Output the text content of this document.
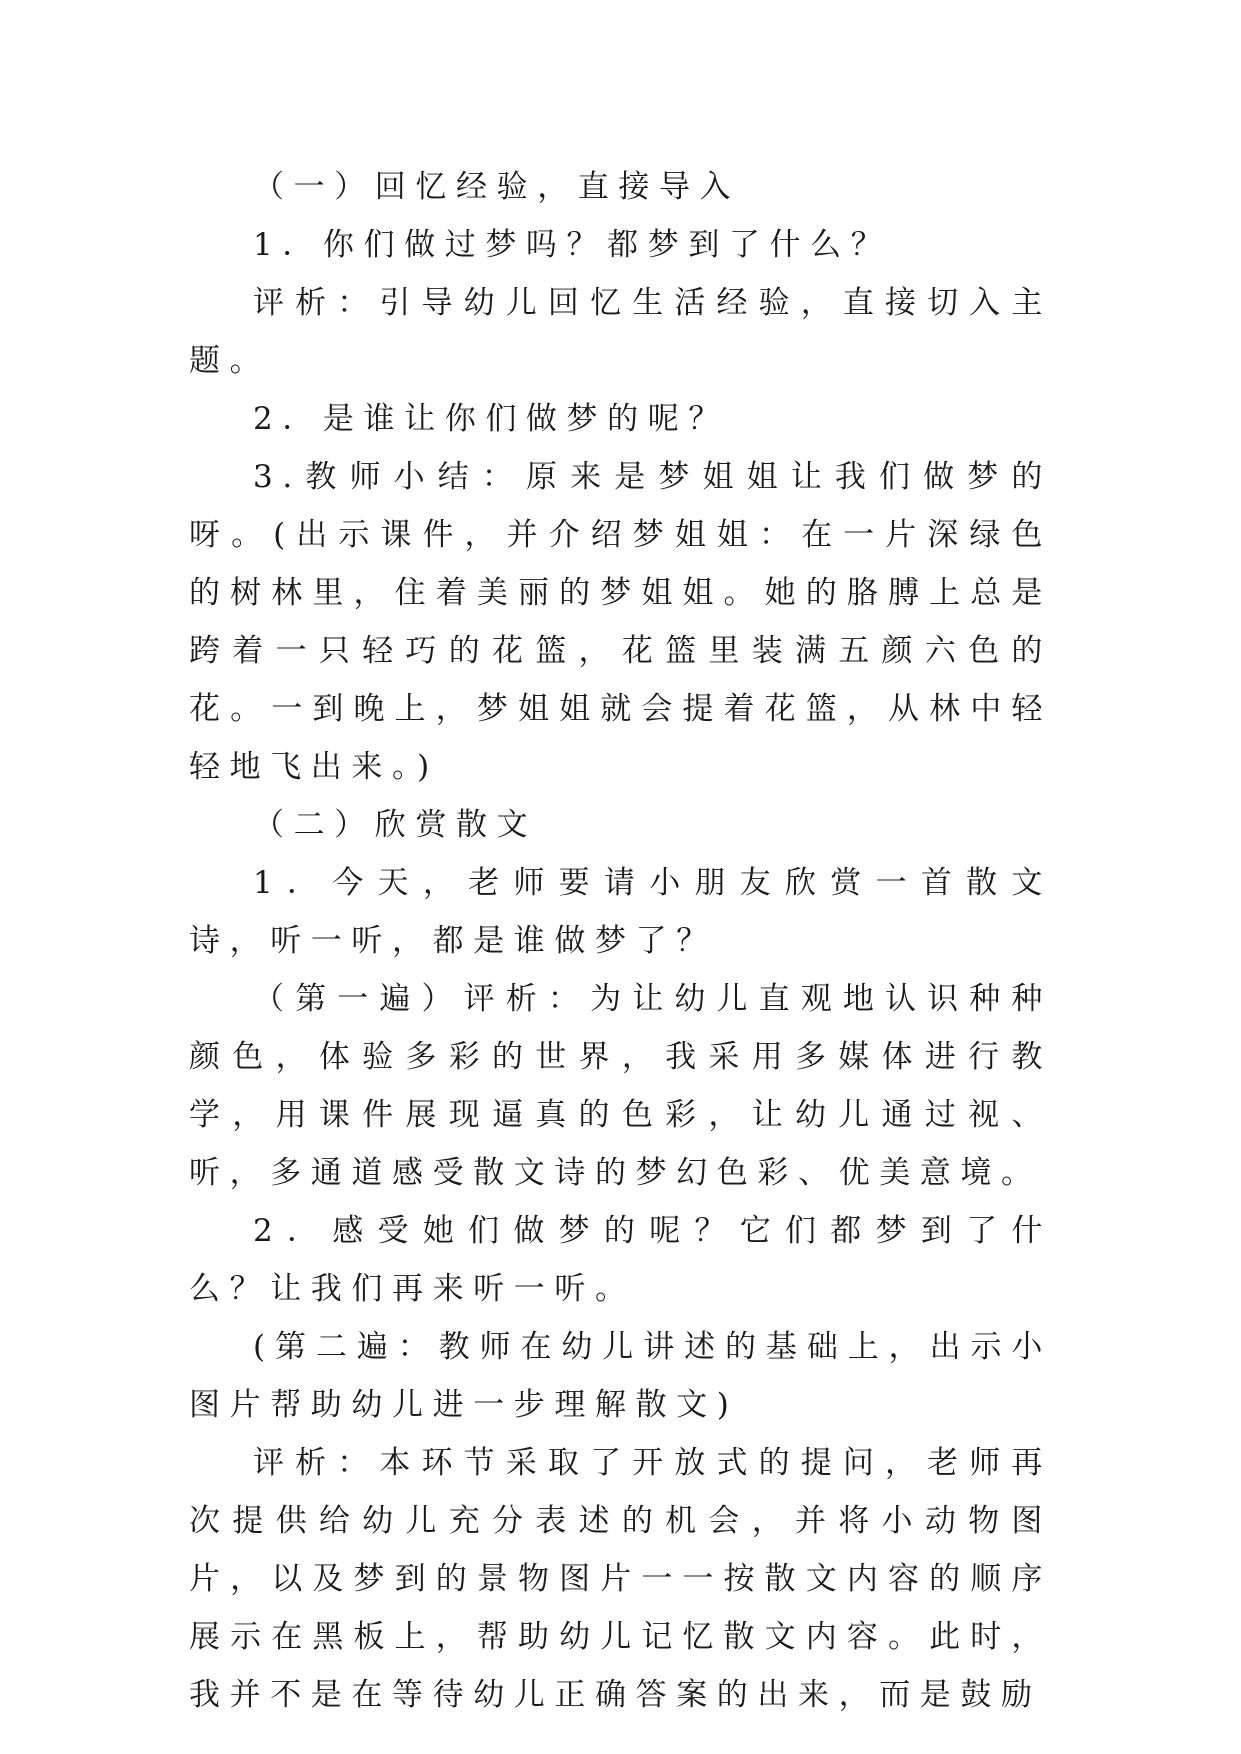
（一）回忆经验，直接导入

1．你们做过梦吗？都梦到了什么？

评析：引导幼儿回忆生活经验，直接切入主题。

2．是谁让你们做梦的呢？

3.教师小结：原来是梦姐姐让我们做梦的呀。(出示课件，并介绍梦姐姐：在一片深绿色的树林里，住着美丽的梦姐姐。她的胳膊上总是跨着一只轻巧的花篮，花篮里装满五颜六色的花。一到晚上，梦姐姐就会提着花篮，从林中轻轻地飞出来。)

（二）欣赏散文

1．今天，老师要请小朋友欣赏一首散文诗，听一听，都是谁做梦了？

（第一遍）评析：为让幼儿直观地认识种种颜色，体验多彩的世界，我采用多媒体进行教学，用课件展现逼真的色彩，让幼儿通过视、听，多通道感受散文诗的梦幻色彩、优美意境。

2．感受她们做梦的呢？它们都梦到了什么？让我们再来听一听。

(第二遍：教师在幼儿讲述的基础上，出示小图片帮助幼儿进一步理解散文)

评析：本环节采取了开放式的提问，老师再次提供给幼儿充分表述的机会，并将小动物图片，以及梦到的景物图片一一按散文内容的顺序展示在黑板上，帮助幼儿记忆散文内容。此时，我并不是在等待幼儿正确答案的出来，而是鼓励
